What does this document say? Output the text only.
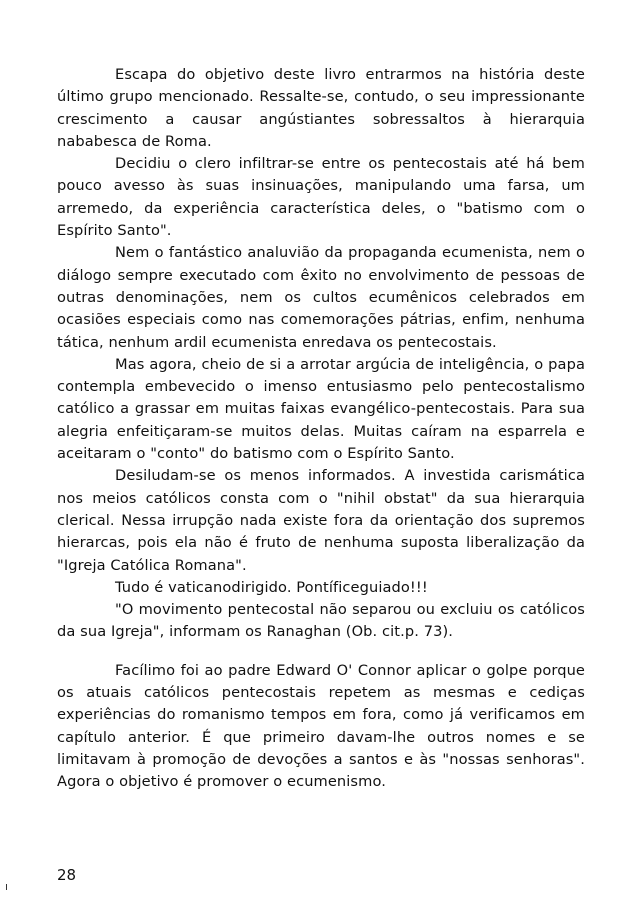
Escapa do objetivo deste livro entrarmos na história deste último grupo mencionado. Ressalte-se, contudo, o seu impressionante crescimento a causar angústiantes sobressaltos à hierarquia nababesca de Roma.

Decidiu o clero infiltrar-se entre os pentecostais até há bem pouco avesso às suas insinuações, manipulando uma farsa, um arremedo, da experiência característica deles, o "batismo com o Espírito Santo".

Nem o fantástico analuvião da propaganda ecumenista, nem o diálogo sempre executado com êxito no envolvimento de pessoas de outras denominações, nem os cultos ecumênicos celebrados em ocasiões especiais como nas comemorações pátrias, enfim, nenhuma tática, nenhum ardil ecumenista enredava os pentecostais.

Mas agora, cheio de si a arrotar argúcia de inteligência, o papa contempla embevecido o imenso entusiasmo pelo pentecostalismo católico a grassar em muitas faixas evangélico-pentecostais. Para sua alegria enfeitiçaram-se muitos delas. Muitas caíram na esparrela e aceitaram o "conto" do batismo com o Espírito Santo.

Desiludam-se os menos informados. A investida carismática nos meios católicos consta com o "nihil obstat" da sua hierarquia clerical. Nessa irrupção nada existe fora da orientação dos supremos hierarcas, pois ela não é fruto de nenhuma suposta liberalização da "Igreja Católica Romana".

Tudo é vaticanodirigido. Pontíficeguiado!!!

"O movimento pentecostal não separou ou excluiu os católicos da sua Igreja", informam os Ranaghan (Ob. cit.p. 73).

Facílimo foi ao padre Edward O' Connor aplicar o golpe porque os atuais católicos pentecostais repetem as mesmas e cediças experiências do romanismo tempos em fora, como já verificamos em capítulo anterior. É que primeiro davam-lhe outros nomes e se limitavam à promoção de devoções a santos e às "nossas senhoras". Agora o objetivo é promover o ecumenismo.

28
